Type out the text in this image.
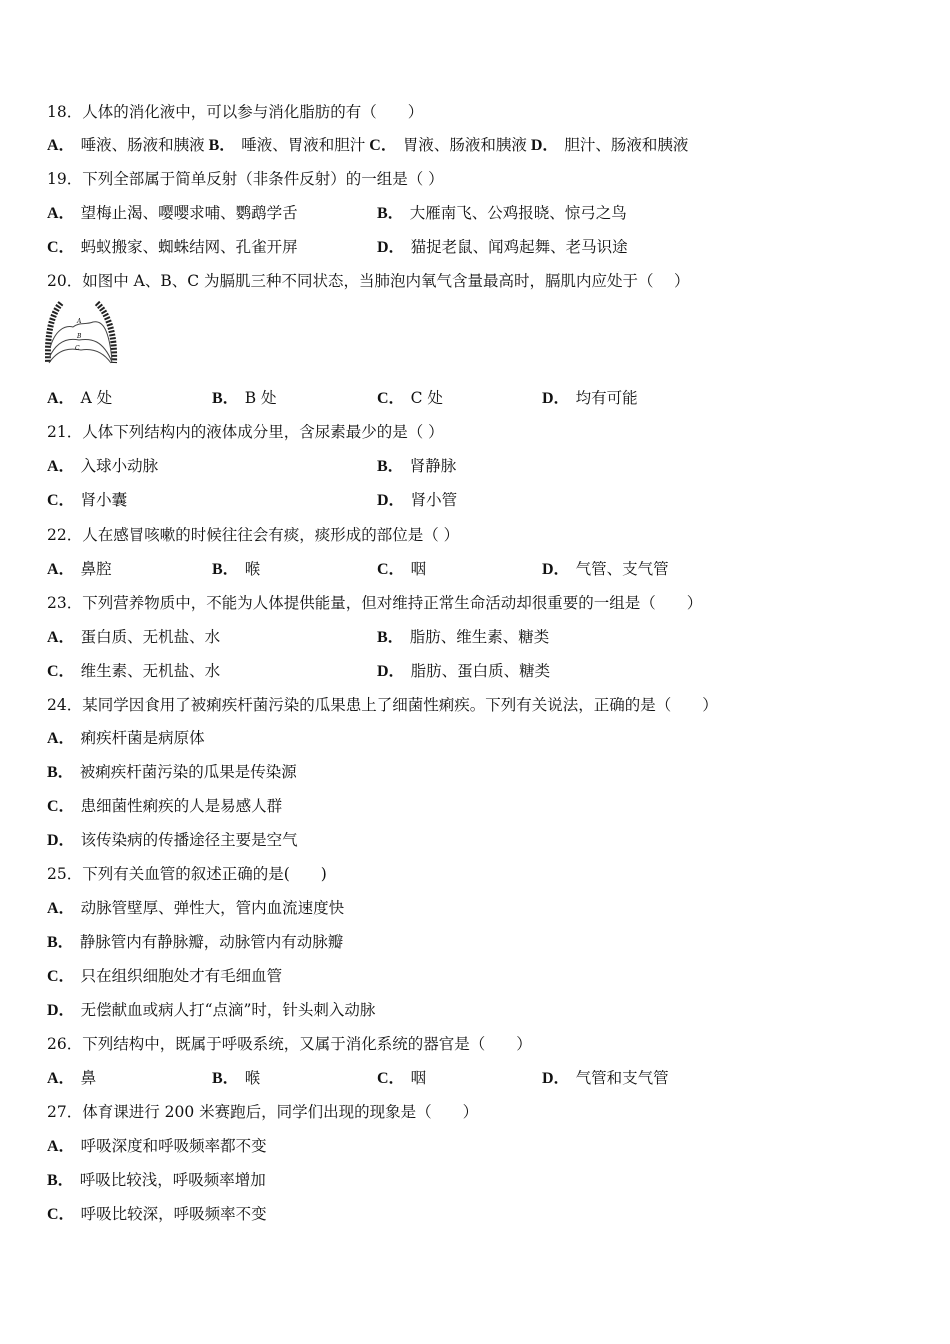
A
B
C
18．人体的消化液中，可以参与消化脂肪的有（　　）
A． 唾液、肠液和胰液 B． 唾液、胃液和胆汁 C． 胃液、肠液和胰液 D． 胆汁、肠液和胰液
19．下列全部属于简单反射（非条件反射）的一组是（ ）
A． 望梅止渴、嘤嘤求哺、鹦鹉学舌	B． 大雁南飞、公鸡报晓、惊弓之鸟
C． 蚂蚁搬家、蜘蛛结网、孔雀开屏	D． 猫捉老鼠、闻鸡起舞、老马识途
20．如图中 A、B、C 为膈肌三种不同状态，当肺泡内氧气含量最高时，膈肌内应处于（　 ）
A． A 处	B． B 处	C． C 处	D． 均有可能
21．人体下列结构内的液体成分里，含尿素最少的是（ ）
A． 入球小动脉	B． 肾静脉
C． 肾小囊	D． 肾小管
22．人在感冒咳嗽的时候往往会有痰，痰形成的部位是（ ）
A． 鼻腔	B． 喉	C． 咽	D． 气管、支气管
23．下列营养物质中，不能为人体提供能量，但对维持正常生命活动却很重要的一组是（　　）
A． 蛋白质、无机盐、水	B． 脂肪、维生素、糖类
C． 维生素、无机盐、水	D． 脂肪、蛋白质、糖类
24．某同学因食用了被痢疾杆菌污染的瓜果患上了细菌性痢疾。下列有关说法，正确的是（　　）
A． 痢疾杆菌是病原体
B． 被痢疾杆菌污染的瓜果是传染源
C． 患细菌性痢疾的人是易感人群
D． 该传染病的传播途径主要是空气
25．下列有关血管的叙述正确的是(　　)
A． 动脉管壁厚、弹性大，管内血流速度快
B． 静脉管内有静脉瓣，动脉管内有动脉瓣
C． 只在组织细胞处才有毛细血管
D． 无偿献血或病人打“点滴”时，针头刺入动脉
26．下列结构中，既属于呼吸系统，又属于消化系统的器官是（　　）
A． 鼻	B． 喉	C． 咽	D． 气管和支气管
27．体育课进行 200 米赛跑后，同学们出现的现象是（　　）
A． 呼吸深度和呼吸频率都不变
B． 呼吸比较浅，呼吸频率增加
C． 呼吸比较深，呼吸频率不变
